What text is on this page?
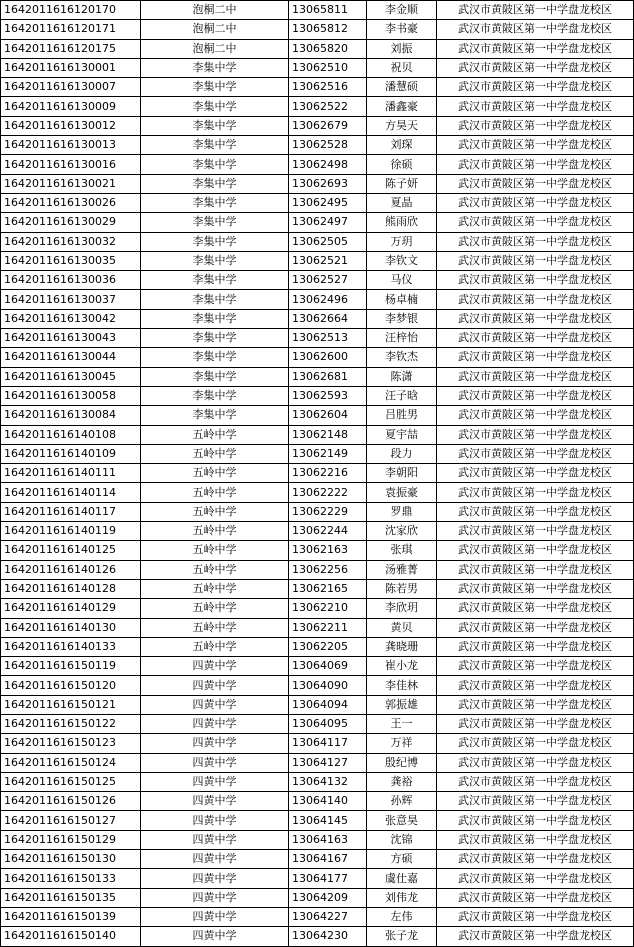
1642011616120170	泡桐二中	13065811	李金顺	武汉市黄陂区第一中学盘龙校区
1642011616120171	泡桐二中	13065812	李书豪	武汉市黄陂区第一中学盘龙校区
1642011616120175	泡桐二中	13065820	刘振	武汉市黄陂区第一中学盘龙校区
1642011616130001	李集中学	13062510	祝贝	武汉市黄陂区第一中学盘龙校区
1642011616130007	李集中学	13062516	潘慧硕	武汉市黄陂区第一中学盘龙校区
1642011616130009	李集中学	13062522	潘鑫豪	武汉市黄陂区第一中学盘龙校区
1642011616130012	李集中学	13062679	方昊天	武汉市黄陂区第一中学盘龙校区
1642011616130013	李集中学	13062528	刘琛	武汉市黄陂区第一中学盘龙校区
1642011616130016	李集中学	13062498	徐硕	武汉市黄陂区第一中学盘龙校区
1642011616130021	李集中学	13062693	陈子妍	武汉市黄陂区第一中学盘龙校区
1642011616130026	李集中学	13062495	夏晶	武汉市黄陂区第一中学盘龙校区
1642011616130029	李集中学	13062497	熊雨欣	武汉市黄陂区第一中学盘龙校区
1642011616130032	李集中学	13062505	万玥	武汉市黄陂区第一中学盘龙校区
1642011616130035	李集中学	13062521	李钦文	武汉市黄陂区第一中学盘龙校区
1642011616130036	李集中学	13062527	马仪	武汉市黄陂区第一中学盘龙校区
1642011616130037	李集中学	13062496	杨卓楠	武汉市黄陂区第一中学盘龙校区
1642011616130042	李集中学	13062664	李梦银	武汉市黄陂区第一中学盘龙校区
1642011616130043	李集中学	13062513	汪梓怡	武汉市黄陂区第一中学盘龙校区
1642011616130044	李集中学	13062600	李钦杰	武汉市黄陂区第一中学盘龙校区
1642011616130045	李集中学	13062681	陈潇	武汉市黄陂区第一中学盘龙校区
1642011616130058	李集中学	13062593	汪子晗	武汉市黄陂区第一中学盘龙校区
1642011616130084	李集中学	13062604	吕胜男	武汉市黄陂区第一中学盘龙校区
1642011616140108	五岭中学	13062148	夏宇喆	武汉市黄陂区第一中学盘龙校区
1642011616140109	五岭中学	13062149	段力	武汉市黄陂区第一中学盘龙校区
1642011616140111	五岭中学	13062216	李朝阳	武汉市黄陂区第一中学盘龙校区
1642011616140114	五岭中学	13062222	袁振豪	武汉市黄陂区第一中学盘龙校区
1642011616140117	五岭中学	13062229	罗鼎	武汉市黄陂区第一中学盘龙校区
1642011616140119	五岭中学	13062244	沈家欣	武汉市黄陂区第一中学盘龙校区
1642011616140125	五岭中学	13062163	张琪	武汉市黄陂区第一中学盘龙校区
1642011616140126	五岭中学	13062256	汤雅菁	武汉市黄陂区第一中学盘龙校区
1642011616140128	五岭中学	13062165	陈若男	武汉市黄陂区第一中学盘龙校区
1642011616140129	五岭中学	13062210	李欣玥	武汉市黄陂区第一中学盘龙校区
1642011616140130	五岭中学	13062211	黄贝	武汉市黄陂区第一中学盘龙校区
1642011616140133	五岭中学	13062205	龚晓珊	武汉市黄陂区第一中学盘龙校区
1642011616150119	四黄中学	13064069	崔小龙	武汉市黄陂区第一中学盘龙校区
1642011616150120	四黄中学	13064090	李佳林	武汉市黄陂区第一中学盘龙校区
1642011616150121	四黄中学	13064094	郭振雄	武汉市黄陂区第一中学盘龙校区
1642011616150122	四黄中学	13064095	王一	武汉市黄陂区第一中学盘龙校区
1642011616150123	四黄中学	13064117	万祥	武汉市黄陂区第一中学盘龙校区
1642011616150124	四黄中学	13064127	殷纪博	武汉市黄陂区第一中学盘龙校区
1642011616150125	四黄中学	13064132	龚裕	武汉市黄陂区第一中学盘龙校区
1642011616150126	四黄中学	13064140	孙辉	武汉市黄陂区第一中学盘龙校区
1642011616150127	四黄中学	13064145	张意昊	武汉市黄陂区第一中学盘龙校区
1642011616150129	四黄中学	13064163	沈锦	武汉市黄陂区第一中学盘龙校区
1642011616150130	四黄中学	13064167	方硕	武汉市黄陂区第一中学盘龙校区
1642011616150133	四黄中学	13064177	虞仕嘉	武汉市黄陂区第一中学盘龙校区
1642011616150135	四黄中学	13064209	刘伟龙	武汉市黄陂区第一中学盘龙校区
1642011616150139	四黄中学	13064227	左伟	武汉市黄陂区第一中学盘龙校区
1642011616150140	四黄中学	13064230	张子龙	武汉市黄陂区第一中学盘龙校区
